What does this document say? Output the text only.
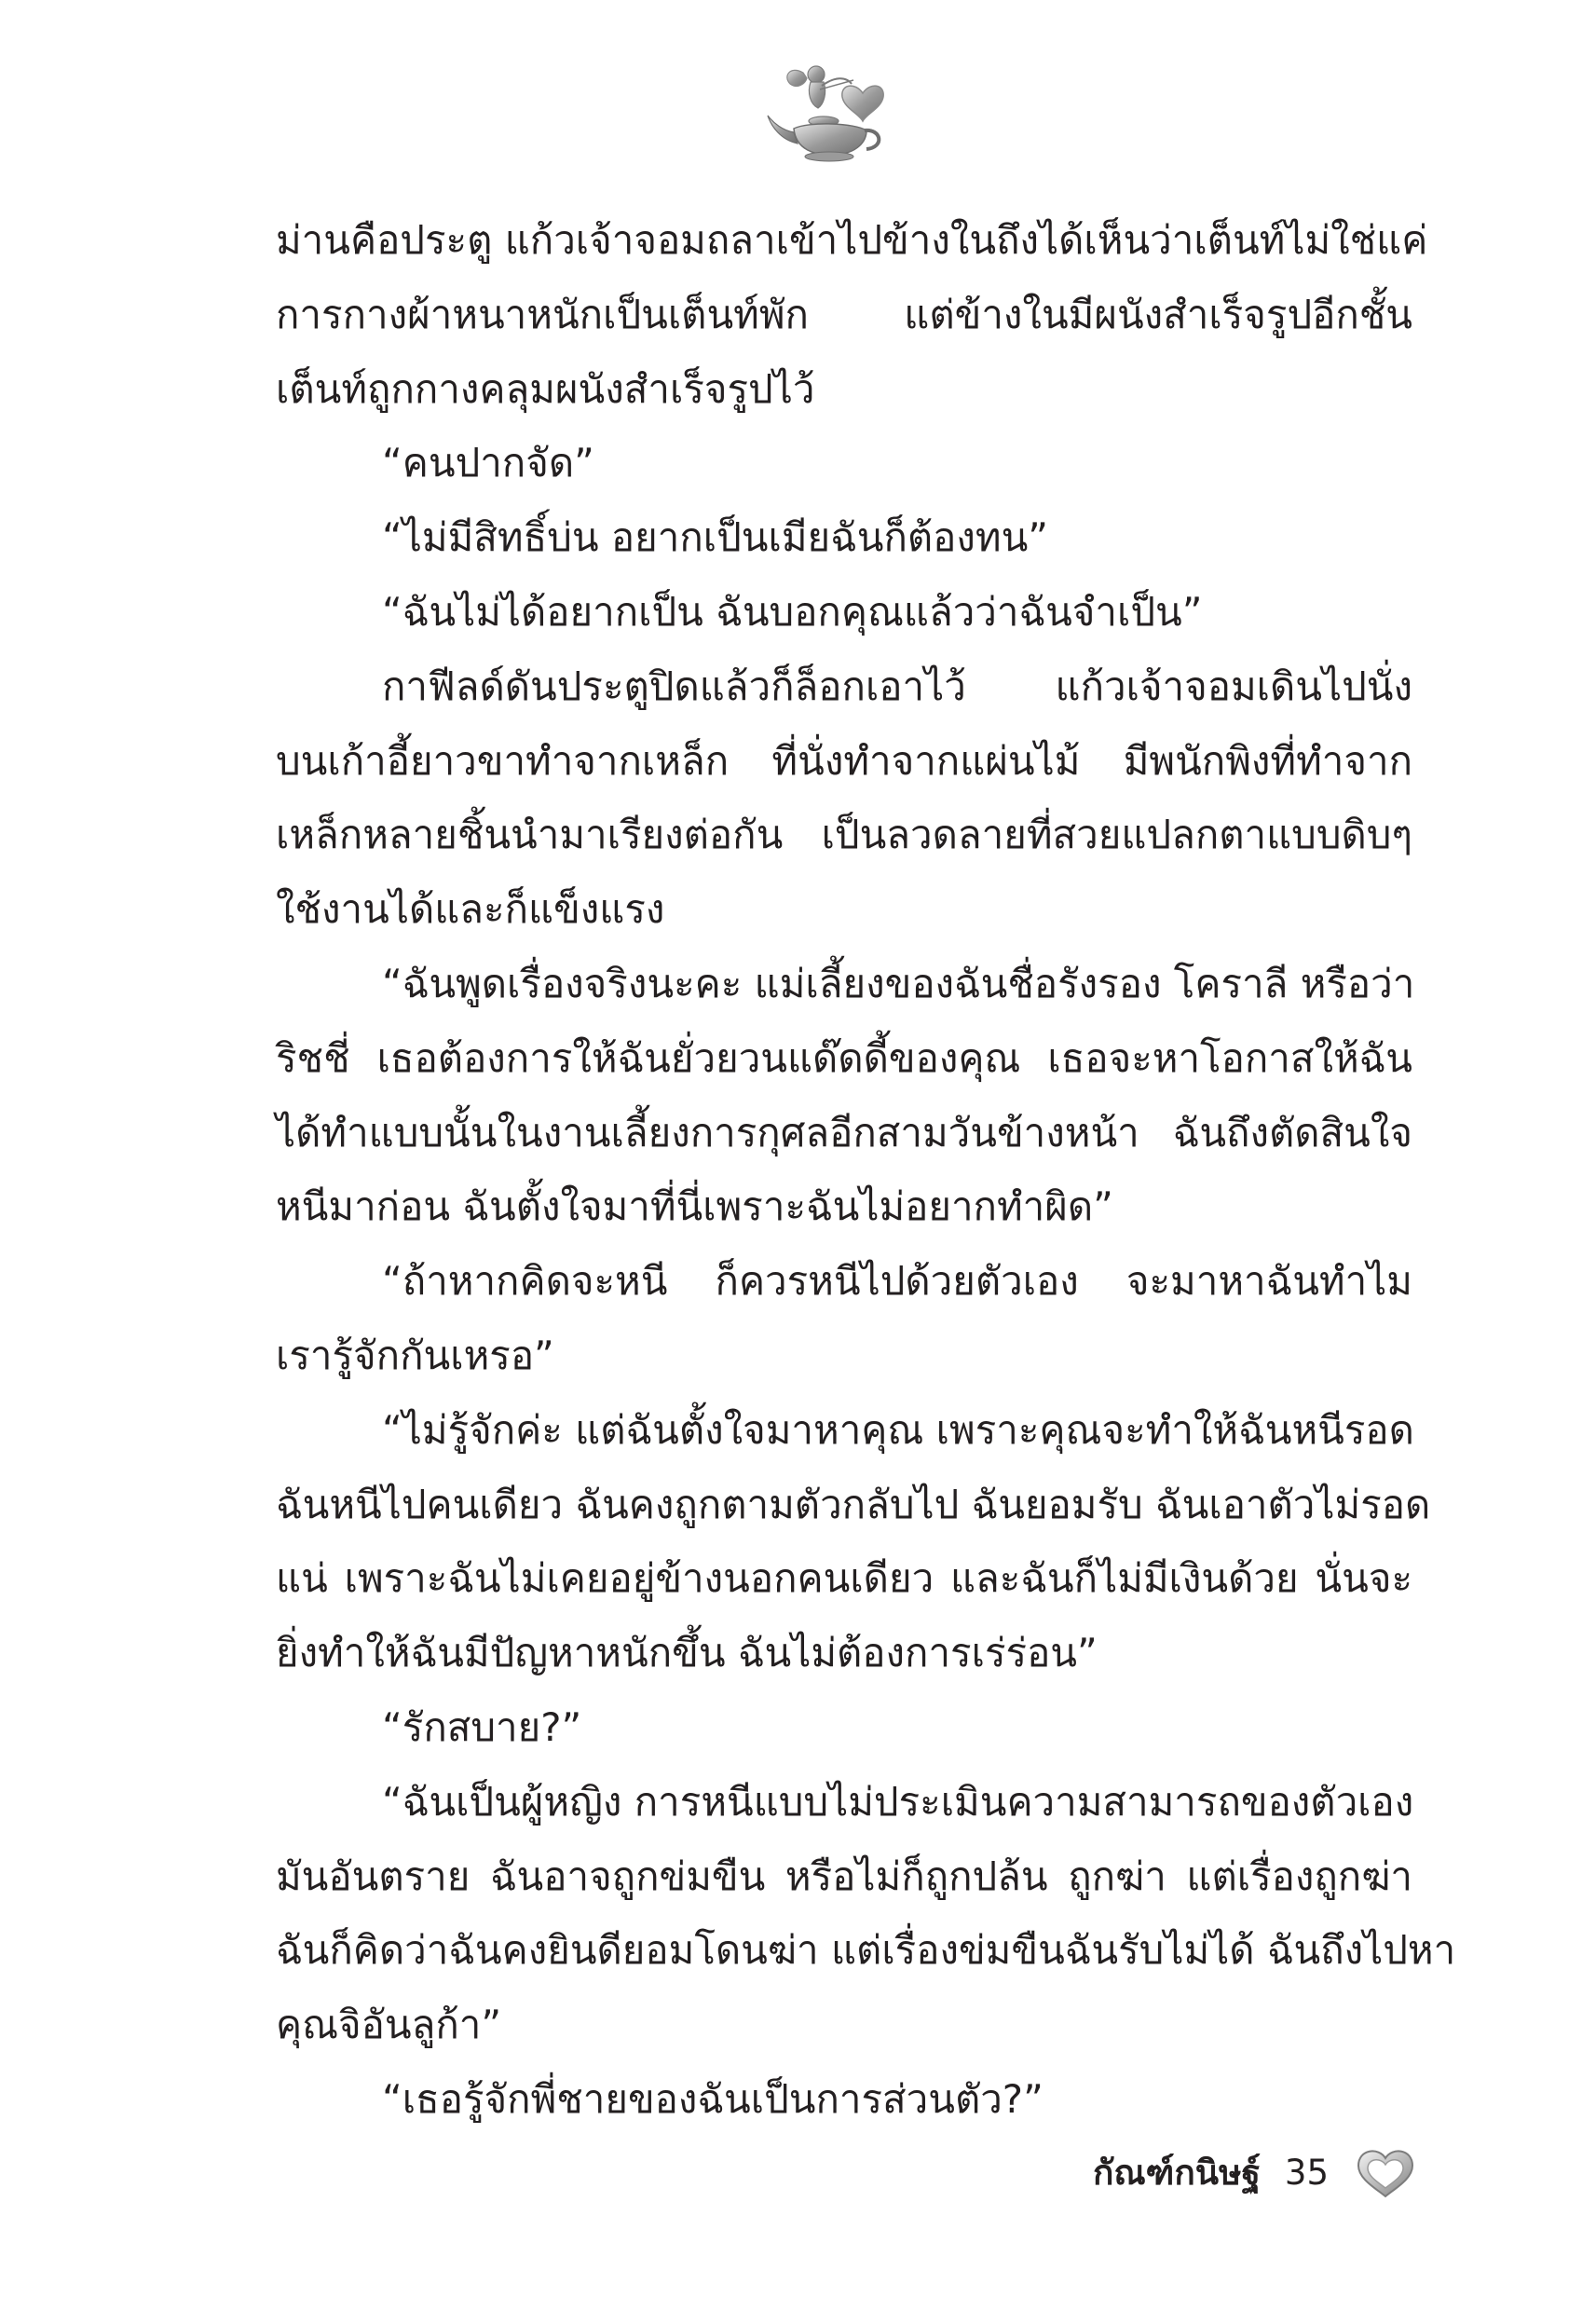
ม่านคือประตู แก้วเจ้าจอมถลาเข้าไปข้างในถึงได้เห็นว่าเต็นท์ไม่ใช่แค่
การกางผ้าหนาหนักเป็นเต็นท์พัก แต่ข้างในมีผนังสำเร็จรูปอีกชั้น
เต็นท์ถูกกางคลุมผนังสำเร็จรูปไว้
“คนปากจัด”
“ไม่มีสิทธิ์บ่น อยากเป็นเมียฉันก็ต้องทน”
“ฉันไม่ได้อยากเป็น ฉันบอกคุณแล้วว่าฉันจำเป็น”
กาฟีลด์ดันประตูปิดแล้วก็ล็อกเอาไว้ แก้วเจ้าจอมเดินไปนั่ง
บนเก้าอี้ยาวขาทำจากเหล็ก ที่นั่งทำจากแผ่นไม้ มีพนักพิงที่ทำจาก
เหล็กหลายชิ้นนำมาเรียงต่อกัน เป็นลวดลายที่สวยแปลกตาแบบดิบๆ
ใช้งานได้และก็แข็งแรง
“ฉันพูดเรื่องจริงนะคะ แม่เลี้ยงของฉันชื่อรังรอง โคราลี หรือว่า
ริชชี่ เธอต้องการให้ฉันยั่วยวนแด๊ดดี้ของคุณ เธอจะหาโอกาสให้ฉัน
ได้ทำแบบนั้นในงานเลี้ยงการกุศลอีกสามวันข้างหน้า ฉันถึงตัดสินใจ
หนีมาก่อน ฉันตั้งใจมาที่นี่เพราะฉันไม่อยากทำผิด”
“ถ้าหากคิดจะหนี ก็ควรหนีไปด้วยตัวเอง จะมาหาฉันทำไม
เรารู้จักกันเหรอ”
“ไม่รู้จักค่ะ แต่ฉันตั้งใจมาหาคุณ เพราะคุณจะทำให้ฉันหนีรอด
ฉันหนีไปคนเดียว ฉันคงถูกตามตัวกลับไป ฉันยอมรับ ฉันเอาตัวไม่รอด
แน่ เพราะฉันไม่เคยอยู่ข้างนอกคนเดียว และฉันก็ไม่มีเงินด้วย นั่นจะ
ยิ่งทำให้ฉันมีปัญหาหนักขึ้น ฉันไม่ต้องการเร่ร่อน”
“รักสบาย?”
“ฉันเป็นผู้หญิง การหนีแบบไม่ประเมินความสามารถของตัวเอง
มันอันตราย ฉันอาจถูกข่มขืน หรือไม่ก็ถูกปล้น ถูกฆ่า แต่เรื่องถูกฆ่า
ฉันก็คิดว่าฉันคงยินดียอมโดนฆ่า แต่เรื่องข่มขืนฉันรับไม่ได้ ฉันถึงไปหา
คุณจิอันลูก้า”
“เธอรู้จักพี่ชายของฉันเป็นการส่วนตัว?”
กัณฑ์กนิษฐ์ 35
